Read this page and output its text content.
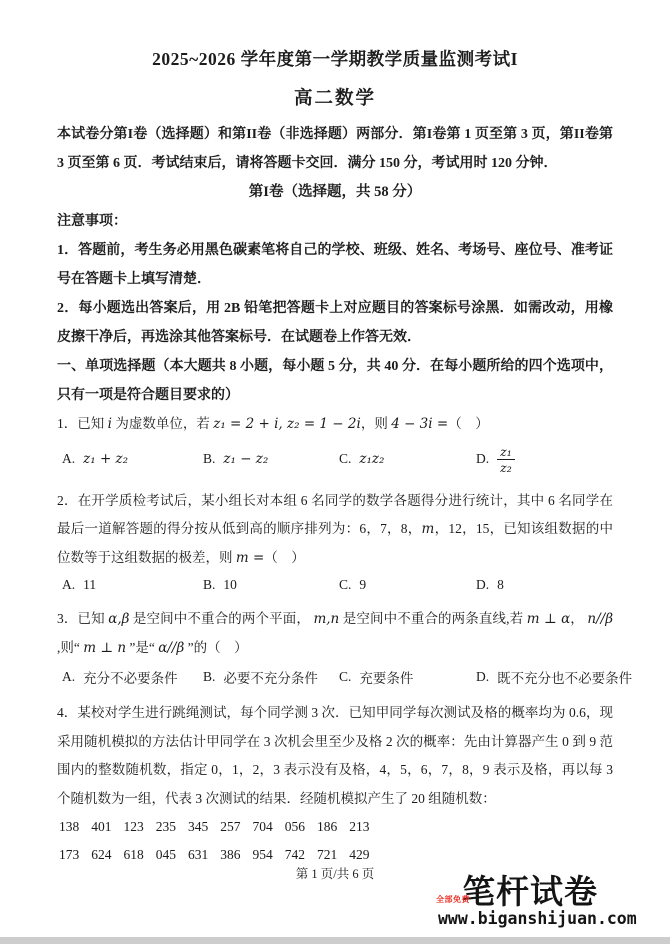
2025~2026 学年度第一学期教学质量监测考试I
高二数学

本试卷分第I卷（选择题）和第II卷（非选择题）两部分．第I卷第 1 页至第 3 页，第II卷第 3 页至第 6 页．考试结束后，请将答题卡交回．满分 150 分，考试用时 120 分钟．

第I卷（选择题，共 58 分）

注意事项：

1．答题前，考生务必用黑色碳素笔将自己的学校、班级、姓名、考场号、座位号、准考证号在答题卡上填写清楚．

2．每小题选出答案后，用 2B 铅笔把答题卡上对应题目的答案标号涂黑．如需改动，用橡皮擦干净后，再选涂其他答案标号．在试题卷上作答无效．

一、单项选择题（本大题共 8 小题，每小题 5 分，共 40 分．在每小题所给的四个选项中，只有一项是符合题目要求的）

1．已知 i 为虚数单位，若 z₁ = 2 + i, z₂ = 1 − 2i，则 4 − 3i =（　）

A. z₁ + z₂	B. z₁ − z₂	C. z₁z₂	D. $\frac{\text{z₁}}{\text{z₂}}$

2．在开学质检考试后，某小组长对本组 6 名同学的数学各题得分进行统计，其中 6 名同学在最后一道解答题的得分按从低到高的顺序排列为：6，7，8，m，12，15，已知该组数据的中位数等于这组数据的极差，则 m =（　）

A. 11	B. 10	C. 9	D. 8

3．已知 α,β 是空间中不重合的两个平面， m,n 是空间中不重合的两条直线,若 m ⊥ α， n//β ,则“ m ⊥ n ”是“ α//β ”的（　）

A. 充分不必要条件 B. 必要不充分条件 C. 充要条件	D. 既不充分也不必要条件

4．某校对学生进行跳绳测试，每个同学测 3 次．已知甲同学每次测试及格的概率均为 0.6，现采用随机模拟的方法估计甲同学在 3 次机会里至少及格 2 次的概率：先由计算器产生 0 到 9 范围内的整数随机数，指定 0，1，2，3 表示没有及格，4，5，6，7，8，9 表示及格，再以每 3 个随机数为一组，代表 3 次测试的结果．经随机模拟产生了 20 组随机数：

138 401 123 235 345 257 704 056 186 213
173 624 618 045 631 386 954 742 721 429
第 1 页/共 6 页
全部免费
笔杆试卷
www.biganshijuan.com
